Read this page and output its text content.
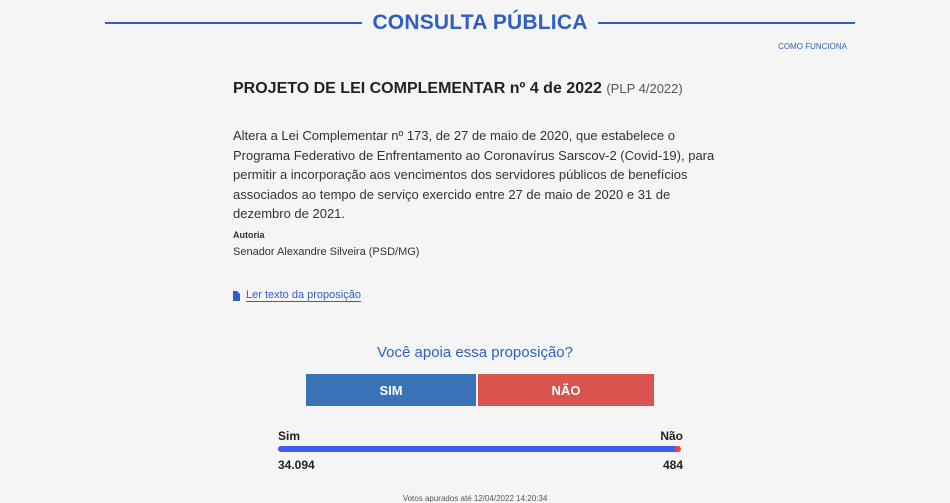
CONSULTA PÚBLICA
COMO FUNCIONA
PROJETO DE LEI COMPLEMENTAR nº 4 de 2022 (PLP 4/2022)
Altera a Lei Complementar nº 173, de 27 de maio de 2020, que estabelece o Programa Federativo de Enfrentamento ao Coronavírus Sarscov-2 (Covid-19), para permitir a incorporação aos vencimentos dos servidores públicos de benefícios associados ao tempo de serviço exercido entre 27 de maio de 2020 e 31 de dezembro de 2021.
Autoria
Senador Alexandre Silveira (PSD/MG)
Ler texto da proposição
Você apoia essa proposição?
SIM	NÃO
Sim	Não
34.094	484
Votos apurados até 12/04/2022 14:20:34
